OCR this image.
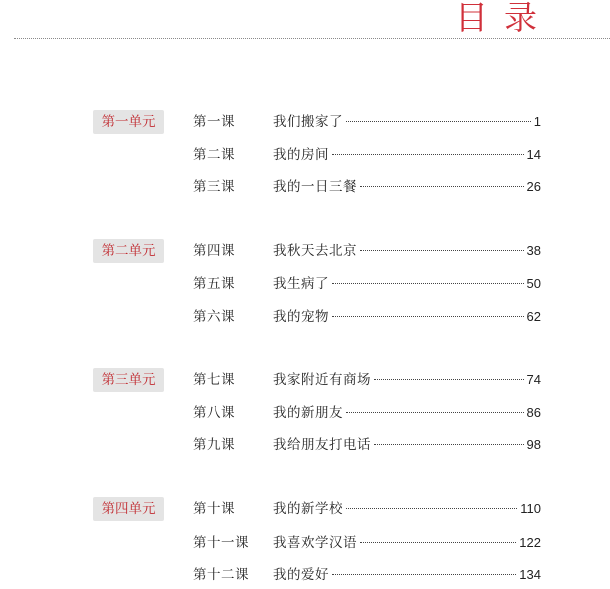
目录
第一单元	第一课	我们搬家了	1
第二课	我的房间	14
第三课	我的一日三餐	26
第二单元	第四课	我秋天去北京	38
第五课	我生病了	50
第六课	我的宠物	62
第三单元	第七课	我家附近有商场	74
第八课	我的新朋友	86
第九课	我给朋友打电话	98
第四单元	第十课	我的新学校	110
第十一课 我喜欢学汉语	122
第十二课 我的爱好	134
